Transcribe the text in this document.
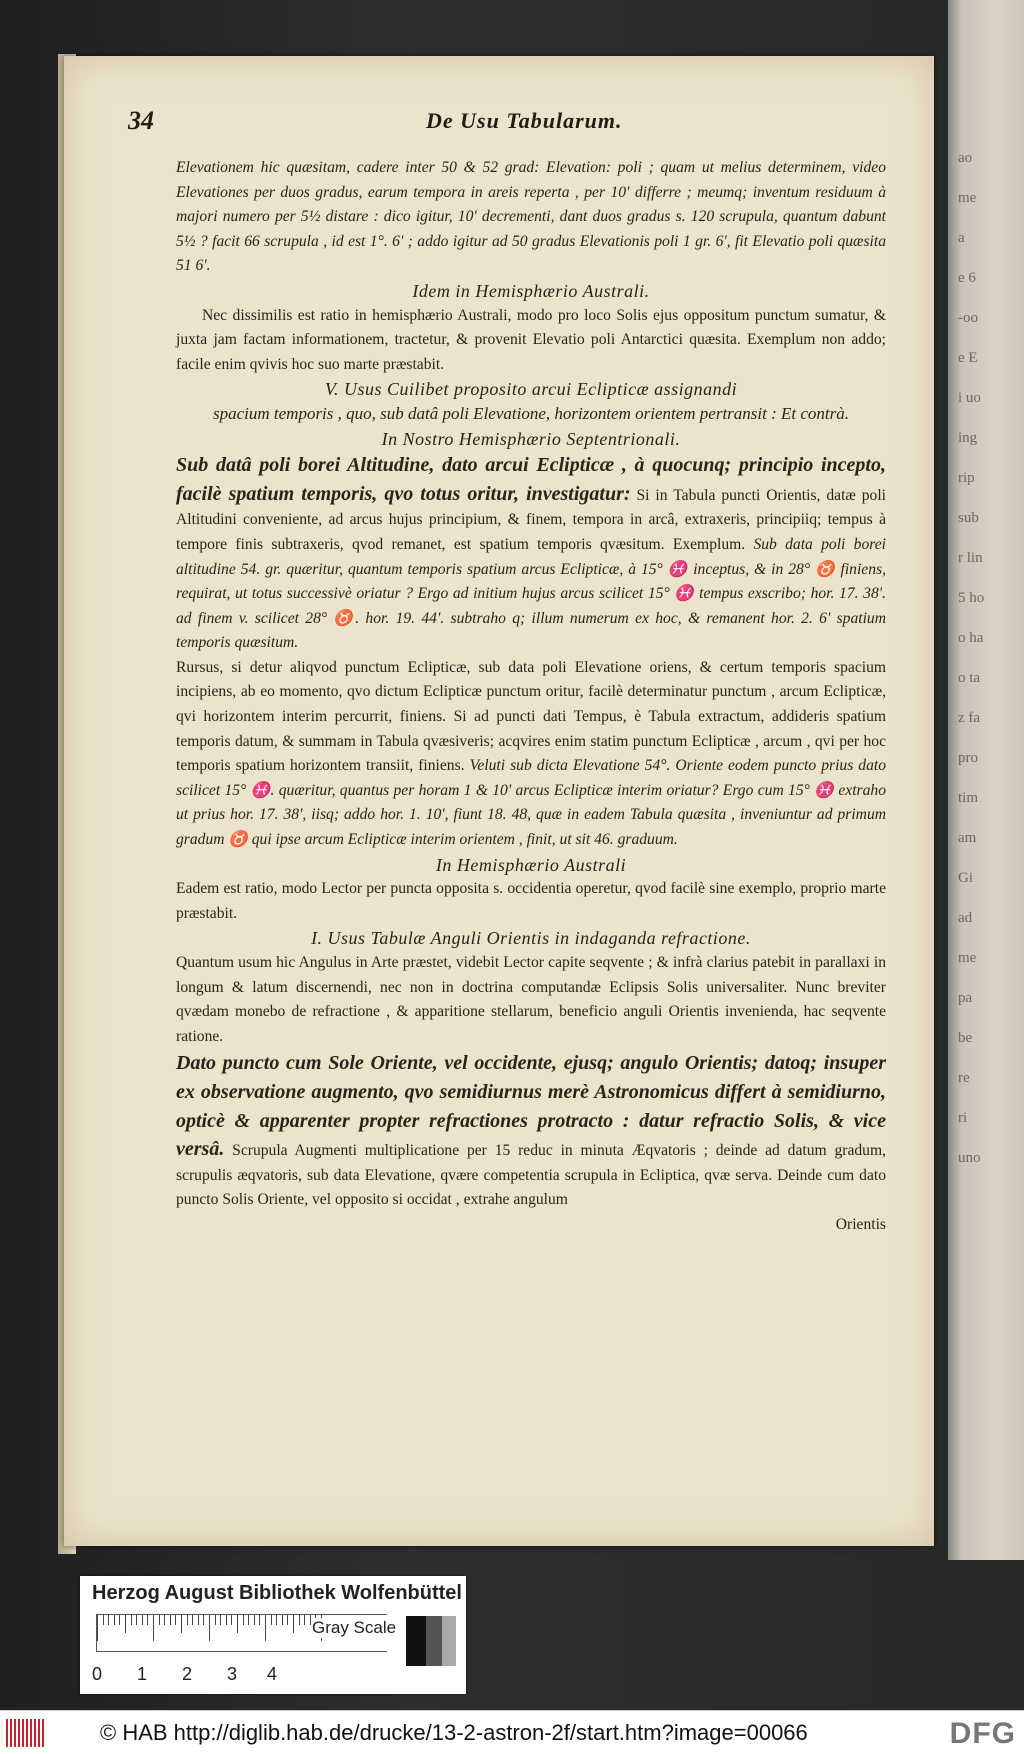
ao
me
a
e 6
-oo
e E
i uo
ing
rip
sub
r lin
5 ho
o ha
o ta
z fa
pro
tim
am
Gi
ad
me
pa
be
re
ri
uno
34	De Usu Tabularum.

Elevationem hic quæsitam, cadere inter 50 & 52 grad: Elevation: poli ; quam ut melius determinem, video Elevationes per duos gradus, earum tempora in areis reperta , per 10' differre ; meumq; inventum residuum à majori numero per 5½ distare : dico igitur, 10' decrementi, dant duos gradus s. 120 scrupula, quantum dabunt 5½ ? facit 66 scrupula , id est 1°. 6' ; addo igitur ad 50 gradus Elevationis poli 1 gr. 6', fit Elevatio poli quæsita 51 6'.

Idem in Hemisphærio Australi.

Nec dissimilis est ratio in hemisphærio Australi, modo pro loco Solis ejus oppositum punctum sumatur, & juxta jam factam informationem, tractetur, & provenit Elevatio poli Antarctici quæsita. Exemplum non addo; facile enim qvivis hoc suo marte præstabit.

V. Usus Cuilibet proposito arcui Eclipticæ assignandi

spacium temporis , quo, sub datâ poli Elevatione, horizontem orientem pertransit : Et contrà.

In Nostro Hemisphærio Septentrionali.

Sub datâ poli borei Altitudine, dato arcui Eclipticæ , à quocunq; principio incepto, facilè spatium temporis, qvo totus oritur, investigatur: Si in Tabula puncti Orientis, datæ poli Altitudini conveniente, ad arcus hujus principium, & finem, tempora in arcâ, extraxeris, principiiq; tempus à tempore finis subtraxeris, qvod remanet, est spatium temporis qvæsitum. Exemplum. Sub data poli borei altitudine 54. gr. quæritur, quantum temporis spatium arcus Eclipticæ, à 15° ♓ inceptus, & in 28° ♉ finiens, requirat, ut totus successivè oriatur ? Ergo ad initium hujus arcus scilicet 15° ♓ tempus exscribo; hor. 17. 38'. ad finem v. scilicet 28° ♉. hor. 19. 44'. subtraho q; illum numerum ex hoc, & remanent hor. 2. 6' spatium temporis quæsitum.

Rursus, si detur aliqvod punctum Eclipticæ, sub data poli Elevatione oriens, & certum temporis spacium incipiens, ab eo momento, qvo dictum Eclipticæ punctum oritur, facilè determinatur punctum , arcum Eclipticæ, qvi horizontem interim percurrit, finiens. Si ad puncti dati Tempus, è Tabula extractum, addideris spatium temporis datum, & summam in Tabula qvæsiveris; acqvires enim statim punctum Eclipticæ , arcum , qvi per hoc temporis spatium horizontem transiit, finiens. Veluti sub dicta Elevatione 54°. Oriente eodem puncto prius dato scilicet 15° ♓. quæritur, quantus per horam 1 & 10' arcus Eclipticæ interim oriatur? Ergo cum 15° ♓ extraho ut prius hor. 17. 38', iisq; addo hor. 1. 10', fiunt 18. 48, quæ in eadem Tabula quæsita , inveniuntur ad primum gradum ♉ qui ipse arcum Eclipticæ interim orientem , finit, ut sit 46. graduum.

In Hemisphærio Australi

Eadem est ratio, modo Lector per puncta opposita s. occidentia operetur, qvod facilè sine exemplo, proprio marte præstabit.

I. Usus Tabulæ Anguli Orientis in indaganda refractione.

Quantum usum hic Angulus in Arte præstet, videbit Lector capite seqvente ; & infrà clarius patebit in parallaxi in longum & latum discernendi, nec non in doctrina computandæ Eclipsis Solis universaliter. Nunc breviter qvædam monebo de refractione , & apparitione stellarum, beneficio anguli Orientis invenienda, hac seqvente ratione.

Dato puncto cum Sole Oriente, vel occidente, ejusq; angulo Orientis; datoq; insuper ex observatione augmento, qvo semidiurnus merè Astronomicus differt à semidiurno, opticè & apparenter propter refractiones protracto : datur refractio Solis, & vice versâ. Scrupula Augmenti multiplicatione per 15 reduc in minuta Æqvatoris ; deinde ad datum gradum, scrupulis æqvatoris, sub data Elevatione, qvære competentia scrupula in Ecliptica, qvæ serva. Deinde cum dato puncto Solis Oriente, vel opposito si occidat , extrahe angulum

Orientis

Herzog August Bibliothek Wolfenbüttel
Gray Scale
0 1 2 3 4
© HAB http://diglib.hab.de/drucke/13-2-astron-2f/start.htm?image=00066	DFG
